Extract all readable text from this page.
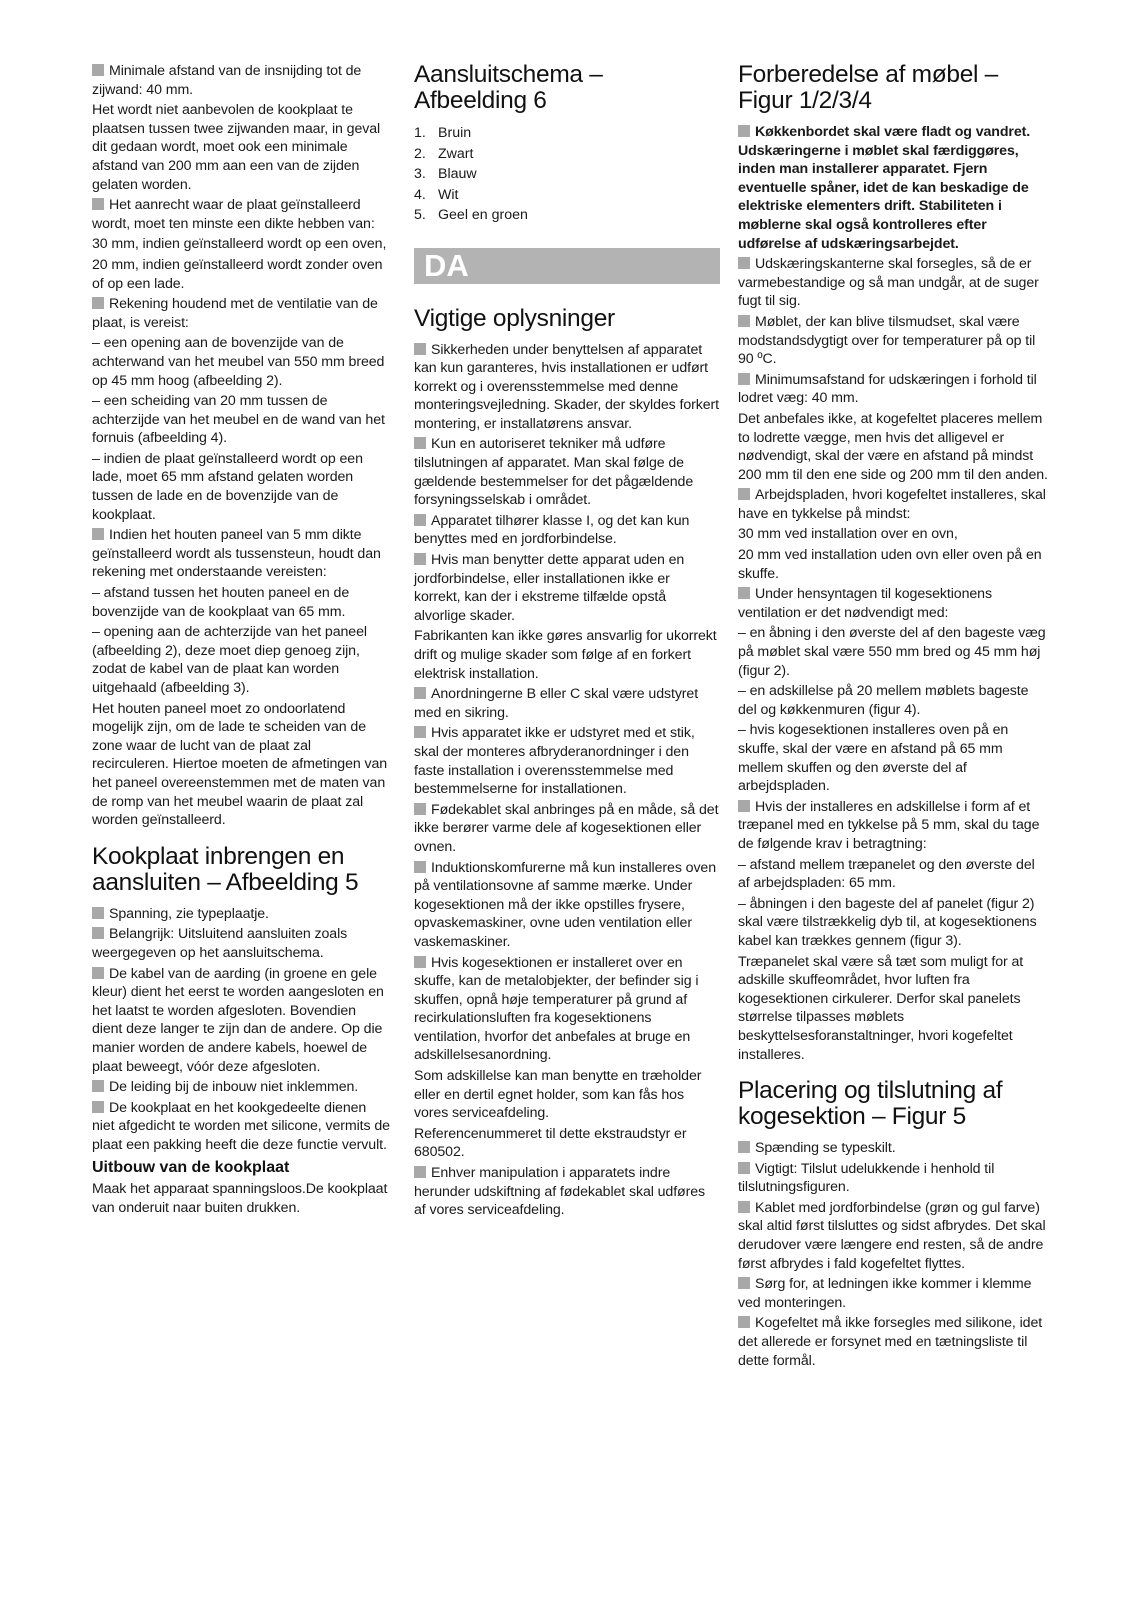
Minimale afstand van de insnijding tot de zijwand: 40 mm.

Het wordt niet aanbevolen de kookplaat te plaatsen tussen twee zijwanden maar, in geval dit gedaan wordt, moet ook een minimale afstand van 200 mm aan een van de zijden gelaten worden.

Het aanrecht waar de plaat geïnstalleerd wordt, moet ten minste een dikte hebben van:

30 mm, indien geïnstalleerd wordt op een oven,

20 mm, indien geïnstalleerd wordt zonder oven of op een lade.

Rekening houdend met de ventilatie van de plaat, is vereist:

– een opening aan de bovenzijde van de achterwand van het meubel van 550 mm breed op 45 mm hoog (afbeelding 2).

– een scheiding van 20 mm tussen de achterzijde van het meubel en de wand van het fornuis (afbeelding 4).

– indien de plaat geïnstalleerd wordt op een lade, moet 65 mm afstand gelaten worden tussen de lade en de bovenzijde van de kookplaat.

Indien het houten paneel van 5 mm dikte geïnstalleerd wordt als tussensteun, houdt dan rekening met onderstaande vereisten:

– afstand tussen het houten paneel en de bovenzijde van de kookplaat van 65 mm.

– opening aan de achterzijde van het paneel (afbeelding 2), deze moet diep genoeg zijn, zodat de kabel van de plaat kan worden uitgehaald (afbeelding 3).

Het houten paneel moet zo ondoorlatend mogelijk zijn, om de lade te scheiden van de zone waar de lucht van de plaat zal recirculeren. Hiertoe moeten de afmetingen van het paneel overeenstemmen met de maten van de romp van het meubel waarin de plaat zal worden geïnstalleerd.

Kookplaat inbrengen en aansluiten – Afbeelding 5

Spanning, zie typeplaatje.

Belangrijk: Uitsluitend aansluiten zoals weergegeven op het aansluitschema.

De kabel van de aarding (in groene en gele kleur) dient het eerst te worden aangesloten en het laatst te worden afgesloten. Bovendien dient deze langer te zijn dan de andere. Op die manier worden de andere kabels, hoewel de plaat beweegt, vóór deze afgesloten.

De leiding bij de inbouw niet inklemmen.

De kookplaat en het kookgedeelte dienen niet afgedicht te worden met silicone, vermits de plaat een pakking heeft die deze functie vervult.

Uitbouw van de kookplaat

Maak het apparaat spanningsloos.De kookplaat van onderuit naar buiten drukken.

Aansluitschema – Afbeelding 6
1. Bruin
2. Zwart
3. Blauw
4. Wit
5. Geel en groen
DA
Vigtige oplysninger

Sikkerheden under benyttelsen af apparatet kan kun garanteres, hvis installationen er udført korrekt og i overensstemmelse med denne monteringsvejledning. Skader, der skyldes forkert montering, er installatørens ansvar.

Kun en autoriseret tekniker må udføre tilslutningen af apparatet. Man skal følge de gældende bestemmelser for det pågældende forsyningsselskab i området.

Apparatet tilhører klasse I, og det kan kun benyttes med en jordforbindelse.

Hvis man benytter dette apparat uden en jordforbindelse, eller installationen ikke er korrekt, kan der i ekstreme tilfælde opstå alvorlige skader.

Fabrikanten kan ikke gøres ansvarlig for ukorrekt drift og mulige skader som følge af en forkert elektrisk installation.

Anordningerne B eller C skal være udstyret med en sikring.

Hvis apparatet ikke er udstyret med et stik, skal der monteres afbryderanordninger i den faste installation i overensstemmelse med bestemmelserne for installationen.

Fødekablet skal anbringes på en måde, så det ikke berører varme dele af kogesektionen eller ovnen.

Induktionskomfurerne må kun installeres oven på ventilationsovne af samme mærke. Under kogesektionen må der ikke opstilles frysere, opvaskemaskiner, ovne uden ventilation eller vaskemaskiner.

Hvis kogesektionen er installeret over en skuffe, kan de metalobjekter, der befinder sig i skuffen, opnå høje temperaturer på grund af recirkulationsluften fra kogesektionens ventilation, hvorfor det anbefales at bruge en adskillelsesanordning.

Som adskillelse kan man benytte en træholder eller en dertil egnet holder, som kan fås hos vores serviceafdeling.

Referencenummeret til dette ekstraudstyr er 680502.

Enhver manipulation i apparatets indre herunder udskiftning af fødekablet skal udføres af vores serviceafdeling.

Forberedelse af møbel – Figur 1/2/3/4

Køkkenbordet skal være fladt og vandret. Udskæringerne i møblet skal færdiggøres, inden man installerer apparatet. Fjern eventuelle spåner, idet de kan beskadige de elektriske elementers drift. Stabiliteten i møblerne skal også kontrolleres efter udførelse af udskæringsarbejdet.

Udskæringskanterne skal forsegles, så de er varmebestandige og så man undgår, at de suger fugt til sig.

Møblet, der kan blive tilsmudset, skal være modstandsdygtigt over for temperaturer på op til 90 ºC.

Minimumsafstand for udskæringen i forhold til lodret væg: 40 mm.

Det anbefales ikke, at kogefeltet placeres mellem to lodrette vægge, men hvis det alligevel er nødvendigt, skal der være en afstand på mindst 200 mm til den ene side og 200 mm til den anden.

Arbejdspladen, hvori kogefeltet installeres, skal have en tykkelse på mindst:

30 mm ved installation over en ovn,

20 mm ved installation uden ovn eller oven på en skuffe.

Under hensyntagen til kogesektionens ventilation er det nødvendigt med:

– en åbning i den øverste del af den bageste væg på møblet skal være 550 mm bred og 45 mm høj (figur 2).

– en adskillelse på 20 mellem møblets bageste del og køkkenmuren (figur 4).

– hvis kogesektionen installeres oven på en skuffe, skal der være en afstand på 65 mm mellem skuffen og den øverste del af arbejdspladen.

Hvis der installeres en adskillelse i form af et træpanel med en tykkelse på 5 mm, skal du tage de følgende krav i betragtning:

– afstand mellem træpanelet og den øverste del af arbejdspladen: 65 mm.

– åbningen i den bageste del af panelet (figur 2) skal være tilstrækkelig dyb til, at kogesektionens kabel kan trækkes gennem (figur 3).

Træpanelet skal være så tæt som muligt for at adskille skuffeområdet, hvor luften fra kogesektionen cirkulerer. Derfor skal panelets størrelse tilpasses møblets beskyttelsesforanstaltninger, hvori kogefeltet installeres.

Placering og tilslutning af kogesektion – Figur 5

Spænding se typeskilt.

Vigtigt: Tilslut udelukkende i henhold til tilslutningsfiguren.

Kablet med jordforbindelse (grøn og gul farve) skal altid først tilsluttes og sidst afbrydes. Det skal derudover være længere end resten, så de andre først afbrydes i fald kogefeltet flyttes.

Sørg for, at ledningen ikke kommer i klemme ved monteringen.

Kogefeltet må ikke forsegles med silikone, idet det allerede er forsynet med en tætningsliste til dette formål.
